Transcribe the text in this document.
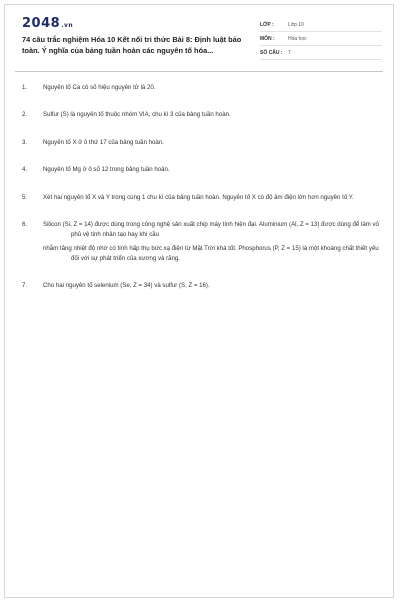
2048.vn
74 câu trắc nghiệm Hóa 10 Kết nối tri thức Bài 8: Định luật bảo toàn. Ý nghĩa của bảng tuần hoàn các nguyên tố hóa...
LỚP :	Lớp 10
MÔN :	Hóa học
SỐ CÂU : 7
1.	Nguyên tố Ca có số hiệu nguyên tử là 20.

2.	Sulfur (S) là nguyên tố thuộc nhóm VIA, chu kì 3 của bảng tuần hoàn.

3.	Nguyên tố X ở ô thứ 17 của bảng tuần hoàn.

4.	Nguyên tố Mg ở ô số 12 trong bảng tuần hoàn.

5.	Xét hai nguyên tố X và Y trong cùng 1 chu kì của bảng tuần hoàn. Nguyên tố X có độ âm điện lớn hơn nguyên tố Y.

6.	Silicon (Si, Z = 14) được dùng trong công nghệ sản xuất chip máy tính hiện đại. Aluminium (Al, Z = 13) được dùng để làm vỏ phủ vệ tinh nhân tạo hay khí cầu

nhằm tăng nhiệt độ nhờ có tính hấp thụ bức xạ điện từ Mặt Trời khá tốt. Phosphorus (P, Z = 15) là một khoáng chất thiết yếu đối với sự phát triển của xương và răng.

7.	Cho hai nguyên tố selenium (Se, Z = 34) và sulfur (S, Z = 16).
